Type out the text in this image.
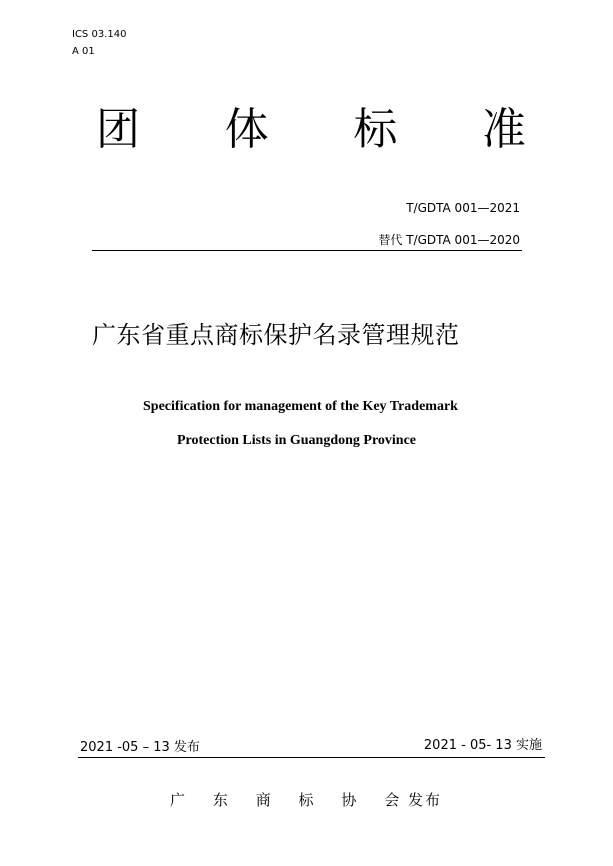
ICS 03.140
A 01
团 体 标 准
T/GDTA 001—2021
替代 T/GDTA 001—2020
广东省重点商标保护名录管理规范
Specification for management of the Key Trademark
Protection Lists in Guangdong Province
2021 -05 – 13 发布	2021 - 05- 13 实施
广 东 商 标 协 会 发布
